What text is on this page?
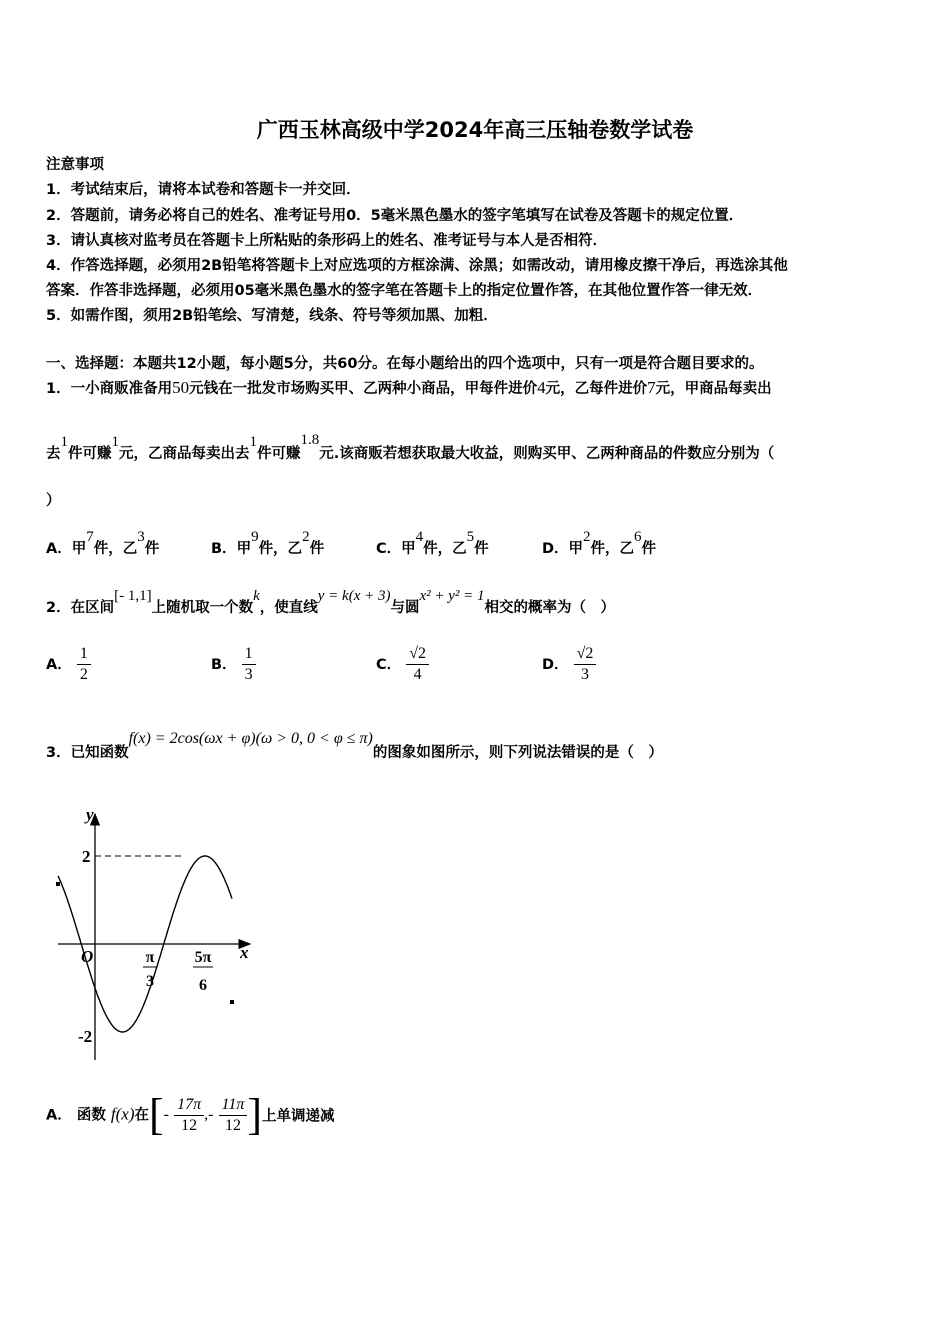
广西玉林高级中学2024年高三压轴卷数学试卷
注意事项
1．考试结束后，请将本试卷和答题卡一并交回．
2．答题前，请务必将自己的姓名、准考证号用0．5毫米黑色墨水的签字笔填写在试卷及答题卡的规定位置．
3．请认真核对监考员在答题卡上所粘贴的条形码上的姓名、准考证号与本人是否相符．
4．作答选择题，必须用2B铅笔将答题卡上对应选项的方框涂满、涂黑；如需改动，请用橡皮擦干净后，再选涂其他
答案．作答非选择题，必须用05毫米黑色墨水的签字笔在答题卡上的指定位置作答，在其他位置作答一律无效．
5．如需作图，须用2B铅笔绘、写清楚，线条、符号等须加黑、加粗．
一、选择题：本题共12小题，每小题5分，共60分。在每小题给出的四个选项中，只有一项是符合题目要求的。
1．一小商贩准备用50元钱在一批发市场购买甲、乙两种小商品，甲每件进价4元，乙每件进价7元，甲商品每卖出
去$^1$件可赚$^1$元，乙商品每卖出去$^1$件可赚$^{1.8}$元.该商贩若想获取最大收益，则购买甲、乙两种商品的件数应分别为（
）
A．甲$^7$件，乙$^3$件	B．甲$^9$件，乙$^2$件	C．甲$^4$件，乙$^5$件	D．甲$^2$件，乙$^6$件
2．在区间[- 1,1]上随机取一个数$^k$，使直线$^{y = k(x + 3)}$与圆$^{x^2 + y^2 = 1}$相交的概率为（　）
A． $\frac{1}{2}$	B． $\frac{1}{3}$	C． $\frac{√2}{4}$	D． $\frac{√2}{3}$
3．已知函数$^{f(x) = 2cos(\omega x + \varphi)(\omega > 0, 0 < \varphi \le \pi)}$的图象如图所示，则下列说法错误的是（　）
y
x
O
2
-2
π
3
5π
6
A． 函数 f(x)在[- $\frac{17\pi}{12}$ ,- $\frac{11\pi}{12}$ ]上单调递减
